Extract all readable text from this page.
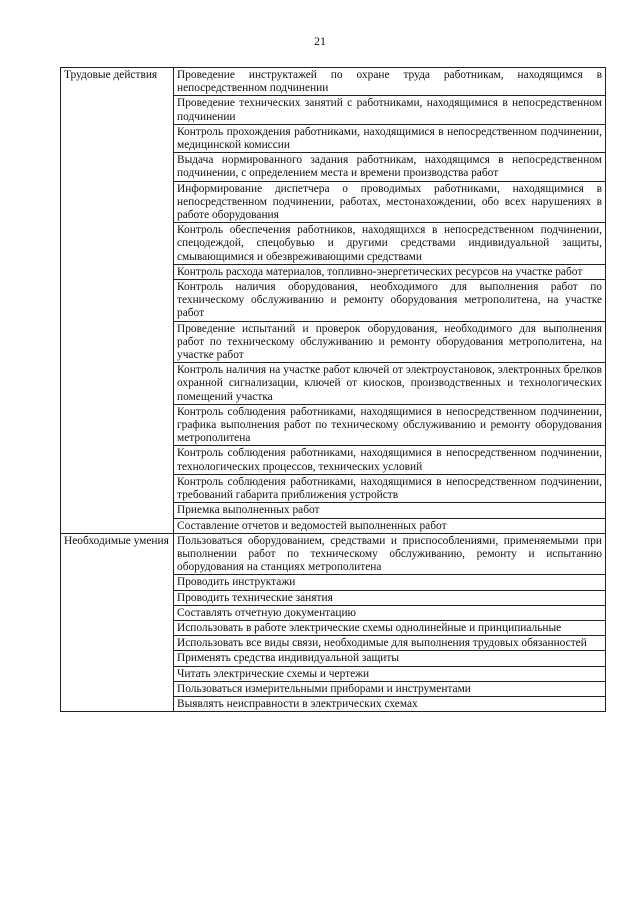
21
Трудовые действия	Проведение инструктажей по охране труда работникам, находящимся в непосредственном подчинении
	Проведение технических занятий с работниками, находящимися в непосредственном подчинении
	Контроль прохождения работниками, находящимися в непосредственном подчинении, медицинской комиссии
	Выдача нормированного задания работникам, находящимся в непосредственном подчинении, с определением места и времени производства работ
	Информирование диспетчера о проводимых работниками, находящимися в непосредственном подчинении, работах, местонахождении, обо всех нарушениях в работе оборудования
	Контроль обеспечения работников, находящихся в непосредственном подчинении, спецодеждой, спецобувью и другими средствами индивидуальной защиты, смывающимися и обезвреживающими средствами
	Контроль расхода материалов, топливно-энергетических ресурсов на участке работ
	Контроль наличия оборудования, необходимого для выполнения работ по техническому обслуживанию и ремонту оборудования метрополитена, на участке работ
	Проведение испытаний и проверок оборудования, необходимого для выполнения работ по техническому обслуживанию и ремонту оборудования метрополитена, на участке работ
	Контроль наличия на участке работ ключей от электроустановок, электронных брелков охранной сигнализации, ключей от киосков, производственных и технологических помещений участка
	Контроль соблюдения работниками, находящимися в непосредственном подчинении, графика выполнения работ по техническому обслуживанию и ремонту оборудования метрополитена
	Контроль соблюдения работниками, находящимися в непосредственном подчинении, технологических процессов, технических условий
	Контроль соблюдения работниками, находящимися в непосредственном подчинении, требований габарита приближения устройств
	Приемка выполненных работ
	Составление отчетов и ведомостей выполненных работ
Необходимые умения	Пользоваться оборудованием, средствами и приспособлениями, применяемыми при выполнении работ по техническому обслуживанию, ремонту и испытанию оборудования на станциях метрополитена
	Проводить инструктажи
	Проводить технические занятия
	Составлять отчетную документацию
	Использовать в работе электрические схемы однолинейные и принципиальные
	Использовать все виды связи, необходимые для выполнения трудовых обязанностей
	Применять средства индивидуальной защиты
	Читать электрические схемы и чертежи
	Пользоваться измерительными приборами и инструментами
	Выявлять неисправности в электрических схемах
